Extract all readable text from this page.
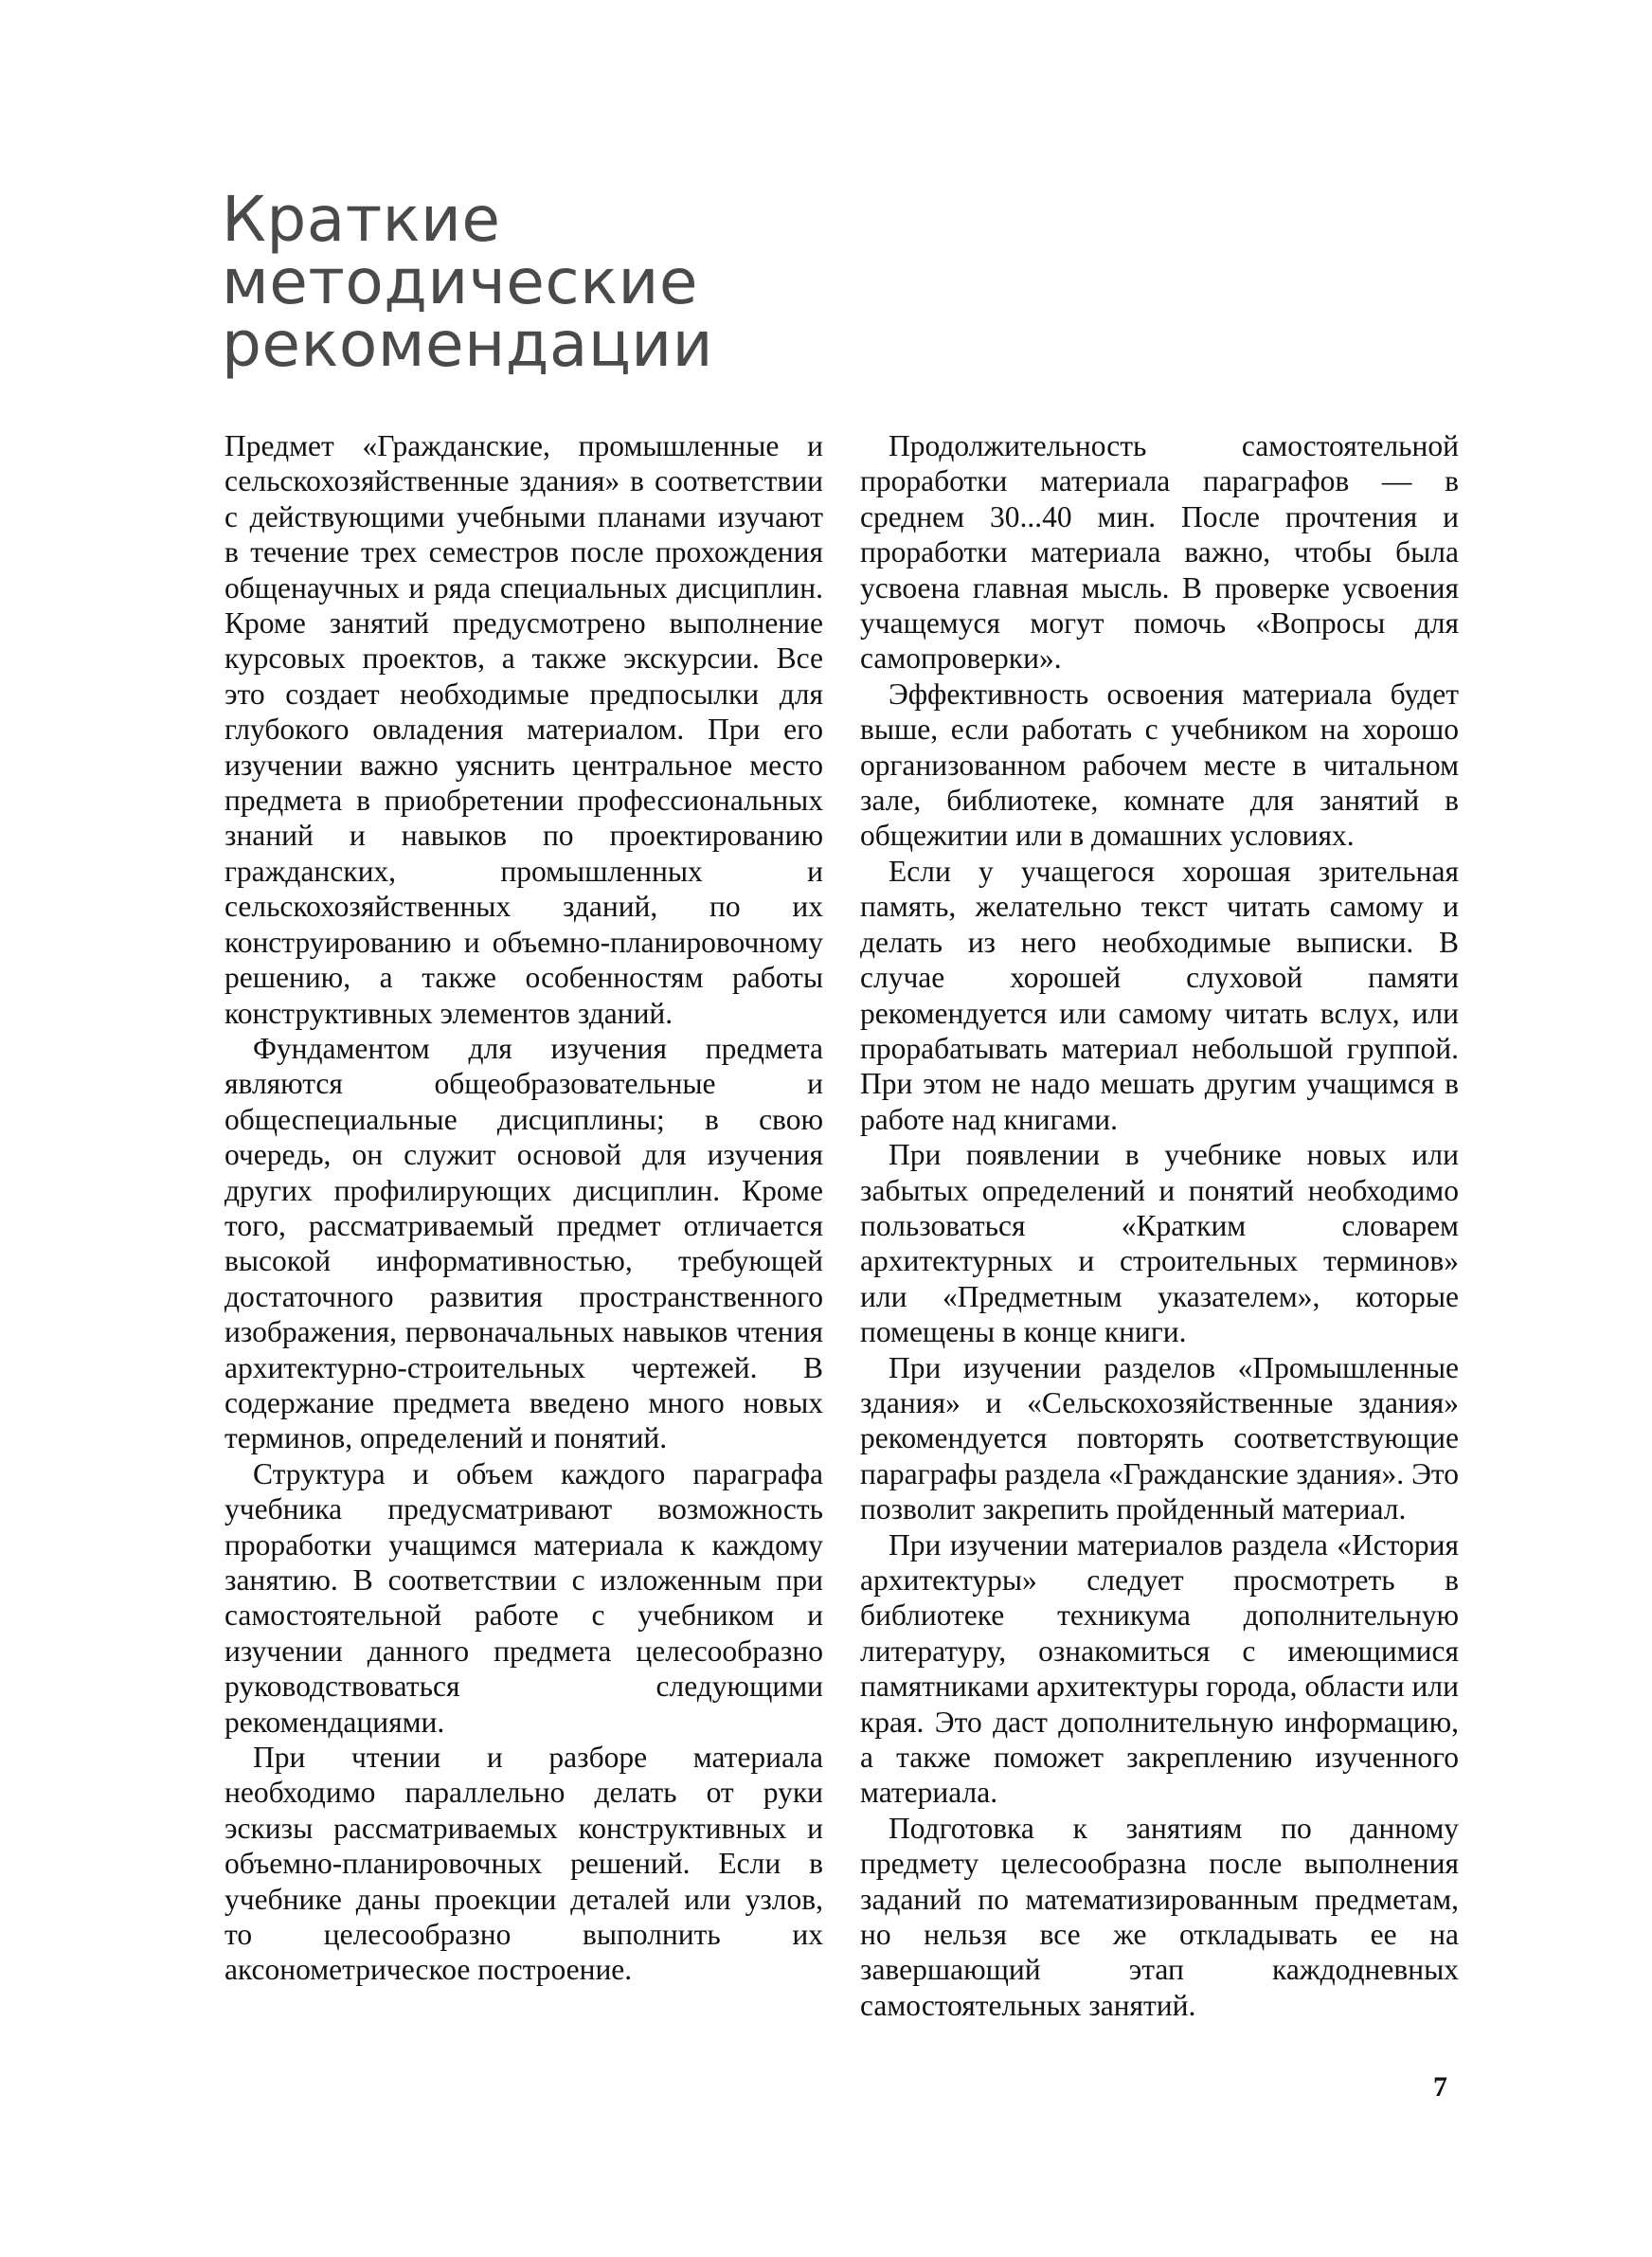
Краткие
методические
рекомендации

Предмет «Гражданские, промышленные и сельскохозяйственные здания» в соответствии с действующими учебными планами изучают в течение трех семестров после прохождения общенаучных и ряда специальных дисциплин. Кроме занятий предусмотрено выполнение курсовых проектов, а также экскурсии. Все это создает необходимые предпосылки для глубокого овладения материалом. При его изучении важно уяснить центральное место предмета в приобретении профессиональных знаний и навыков по проектированию гражданских, промышленных и сельскохозяйственных зданий, по их конструированию и объемно-планировочному решению, а также особенностям работы конструктивных элементов зданий.

Фундаментом для изучения предмета являются общеобразовательные и общеспециальные дисциплины; в свою очередь, он служит основой для изучения других профилирующих дисциплин. Кроме того, рассматриваемый предмет отличается высокой информативностью, требующей достаточного развития пространственного изображения, первоначальных навыков чтения архитектурно-строительных чертежей. В содержание предмета введено много новых терминов, определений и понятий.

Структура и объем каждого параграфа учебника предусматривают возможность проработки учащимся материала к каждому занятию. В соответствии с изложенным при самостоятельной работе с учебником и изучении данного предмета целесообразно руководствоваться следующими рекомендациями.

При чтении и разборе материала необходимо параллельно делать от руки эскизы рассматриваемых конструктивных и объемно-планировочных решений. Если в учебнике даны проекции деталей или узлов, то целесообразно выполнить их аксонометрическое построение.

Продолжительность самостоятельной проработки материала параграфов — в среднем 30...40 мин. После прочтения и проработки материала важно, чтобы была усвоена главная мысль. В проверке усвоения учащемуся могут помочь «Вопросы для самопроверки».

Эффективность освоения материала будет выше, если работать с учебником на хорошо организованном рабочем месте в читальном зале, библиотеке, комнате для занятий в общежитии или в домашних условиях.

Если у учащегося хорошая зрительная память, желательно текст читать самому и делать из него необходимые выписки. В случае хорошей слуховой памяти рекомендуется или самому читать вслух, или прорабатывать материал небольшой группой. При этом не надо мешать другим учащимся в работе над книгами.

При появлении в учебнике новых или забытых определений и понятий необходимо пользоваться «Кратким словарем архитектурных и строительных терминов» или «Предметным указателем», которые помещены в конце книги.

При изучении разделов «Промышленные здания» и «Сельскохозяйственные здания» рекомендуется повторять соответствующие параграфы раздела «Гражданские здания». Это позволит закрепить пройденный материал.

При изучении материалов раздела «История архитектуры» следует просмотреть в библиотеке техникума дополнительную литературу, ознакомиться с имеющимися памятниками архитектуры города, области или края. Это даст дополнительную информацию, а также поможет закреплению изученного материала.

Подготовка к занятиям по данному предмету целесообразна после выполнения заданий по математизированным предметам, но нельзя все же откладывать ее на завершающий этап каждодневных самостоятельных занятий.

7
